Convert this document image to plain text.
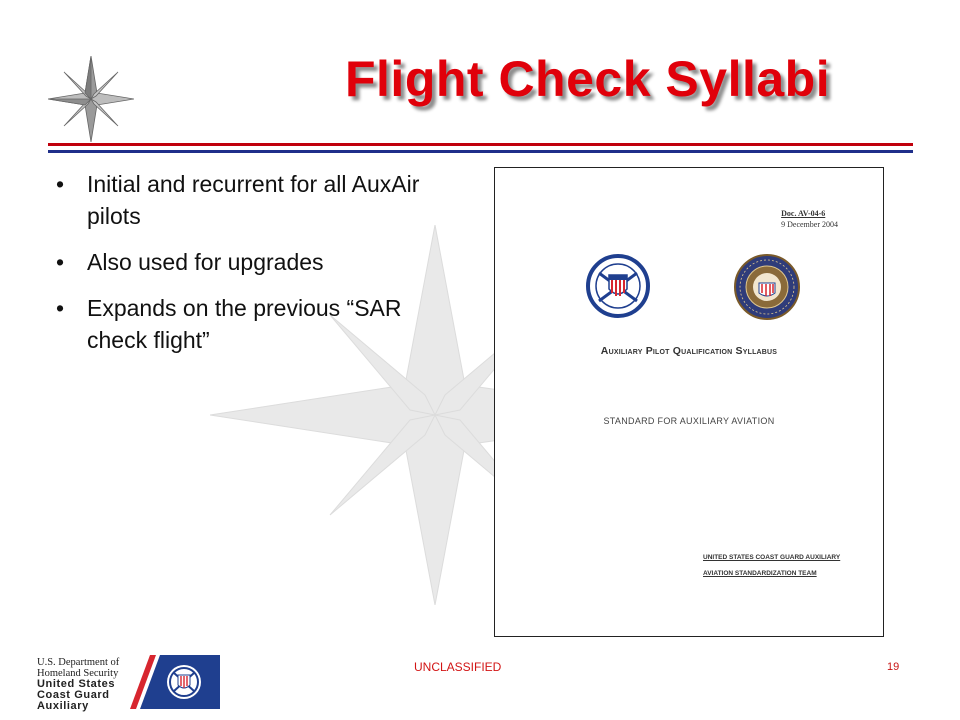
Flight Check Syllabi
• Initial and recurrent for all AuxAir pilots
• Also used for upgrades
• Expands on the previous “SAR check flight”
Doc. AV-04-6
9 December 2004
Auxiliary Pilot Qualification Syllabus
STANDARD FOR AUXILIARY AVIATION
UNITED STATES COAST GUARD AUXILIARY
AVIATION STANDARDIZATION TEAM
U.S. Department of
Homeland Security
United States
Coast Guard
Auxiliary
UNCLASSIFIED	19
